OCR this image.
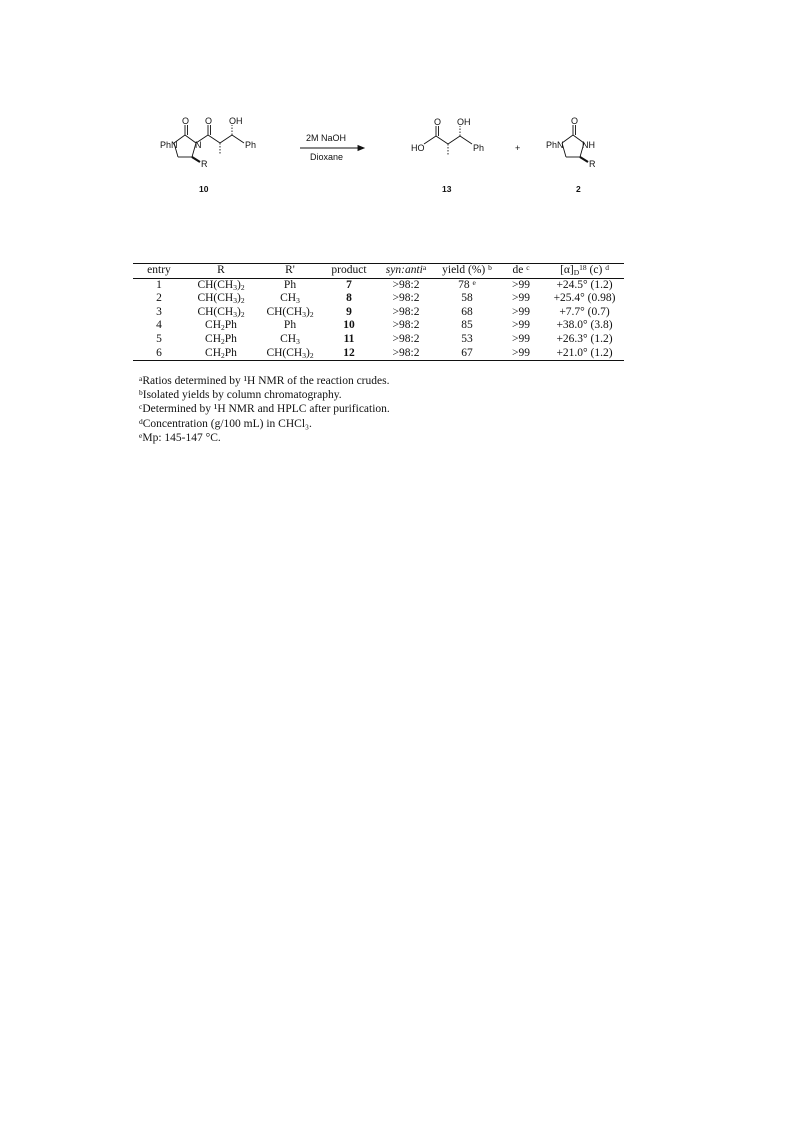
PhN N
O O OH
Ph
R
10
2M NaOH
Dioxane
HO
O OH
Ph
13
+	PhN NH
O
R
2
entry	R	R'	product	syn:anti$^a$	yield (%) $^b$	de $^c$	$[\alpha]_D^{18}$ (c) $^d$
1	$CH(CH_3)_2$	Ph	7	>98:2	78 $^e$	>99	+24.5° (1.2)
2	$CH(CH_3)_2$	$CH_3$	8	>98:2	58	>99	+25.4° (0.98)
3	$CH(CH_3)_2$	$CH(CH_3)_2$	9	>98:2	68	>99	+7.7° (0.7)
4	$CH_2Ph$	Ph	10	>98:2	85	>99	+38.0° (3.8)
5	$CH_2Ph$	$CH_3$	11	>98:2	53	>99	+26.3° (1.2)
6	$CH_2Ph$	$CH(CH_3)_2$	12	>98:2	67	>99	+21.0° (1.2)
$^a$Ratios determined by ¹H NMR of the reaction crudes.
$^b$Isolated yields by column chromatography.
$^c$Determined by ¹H NMR and HPLC after purification.
$^d$Concentration (g/100 mL) in CHCl₃.
$^e$Mp: 145-147 °C.
